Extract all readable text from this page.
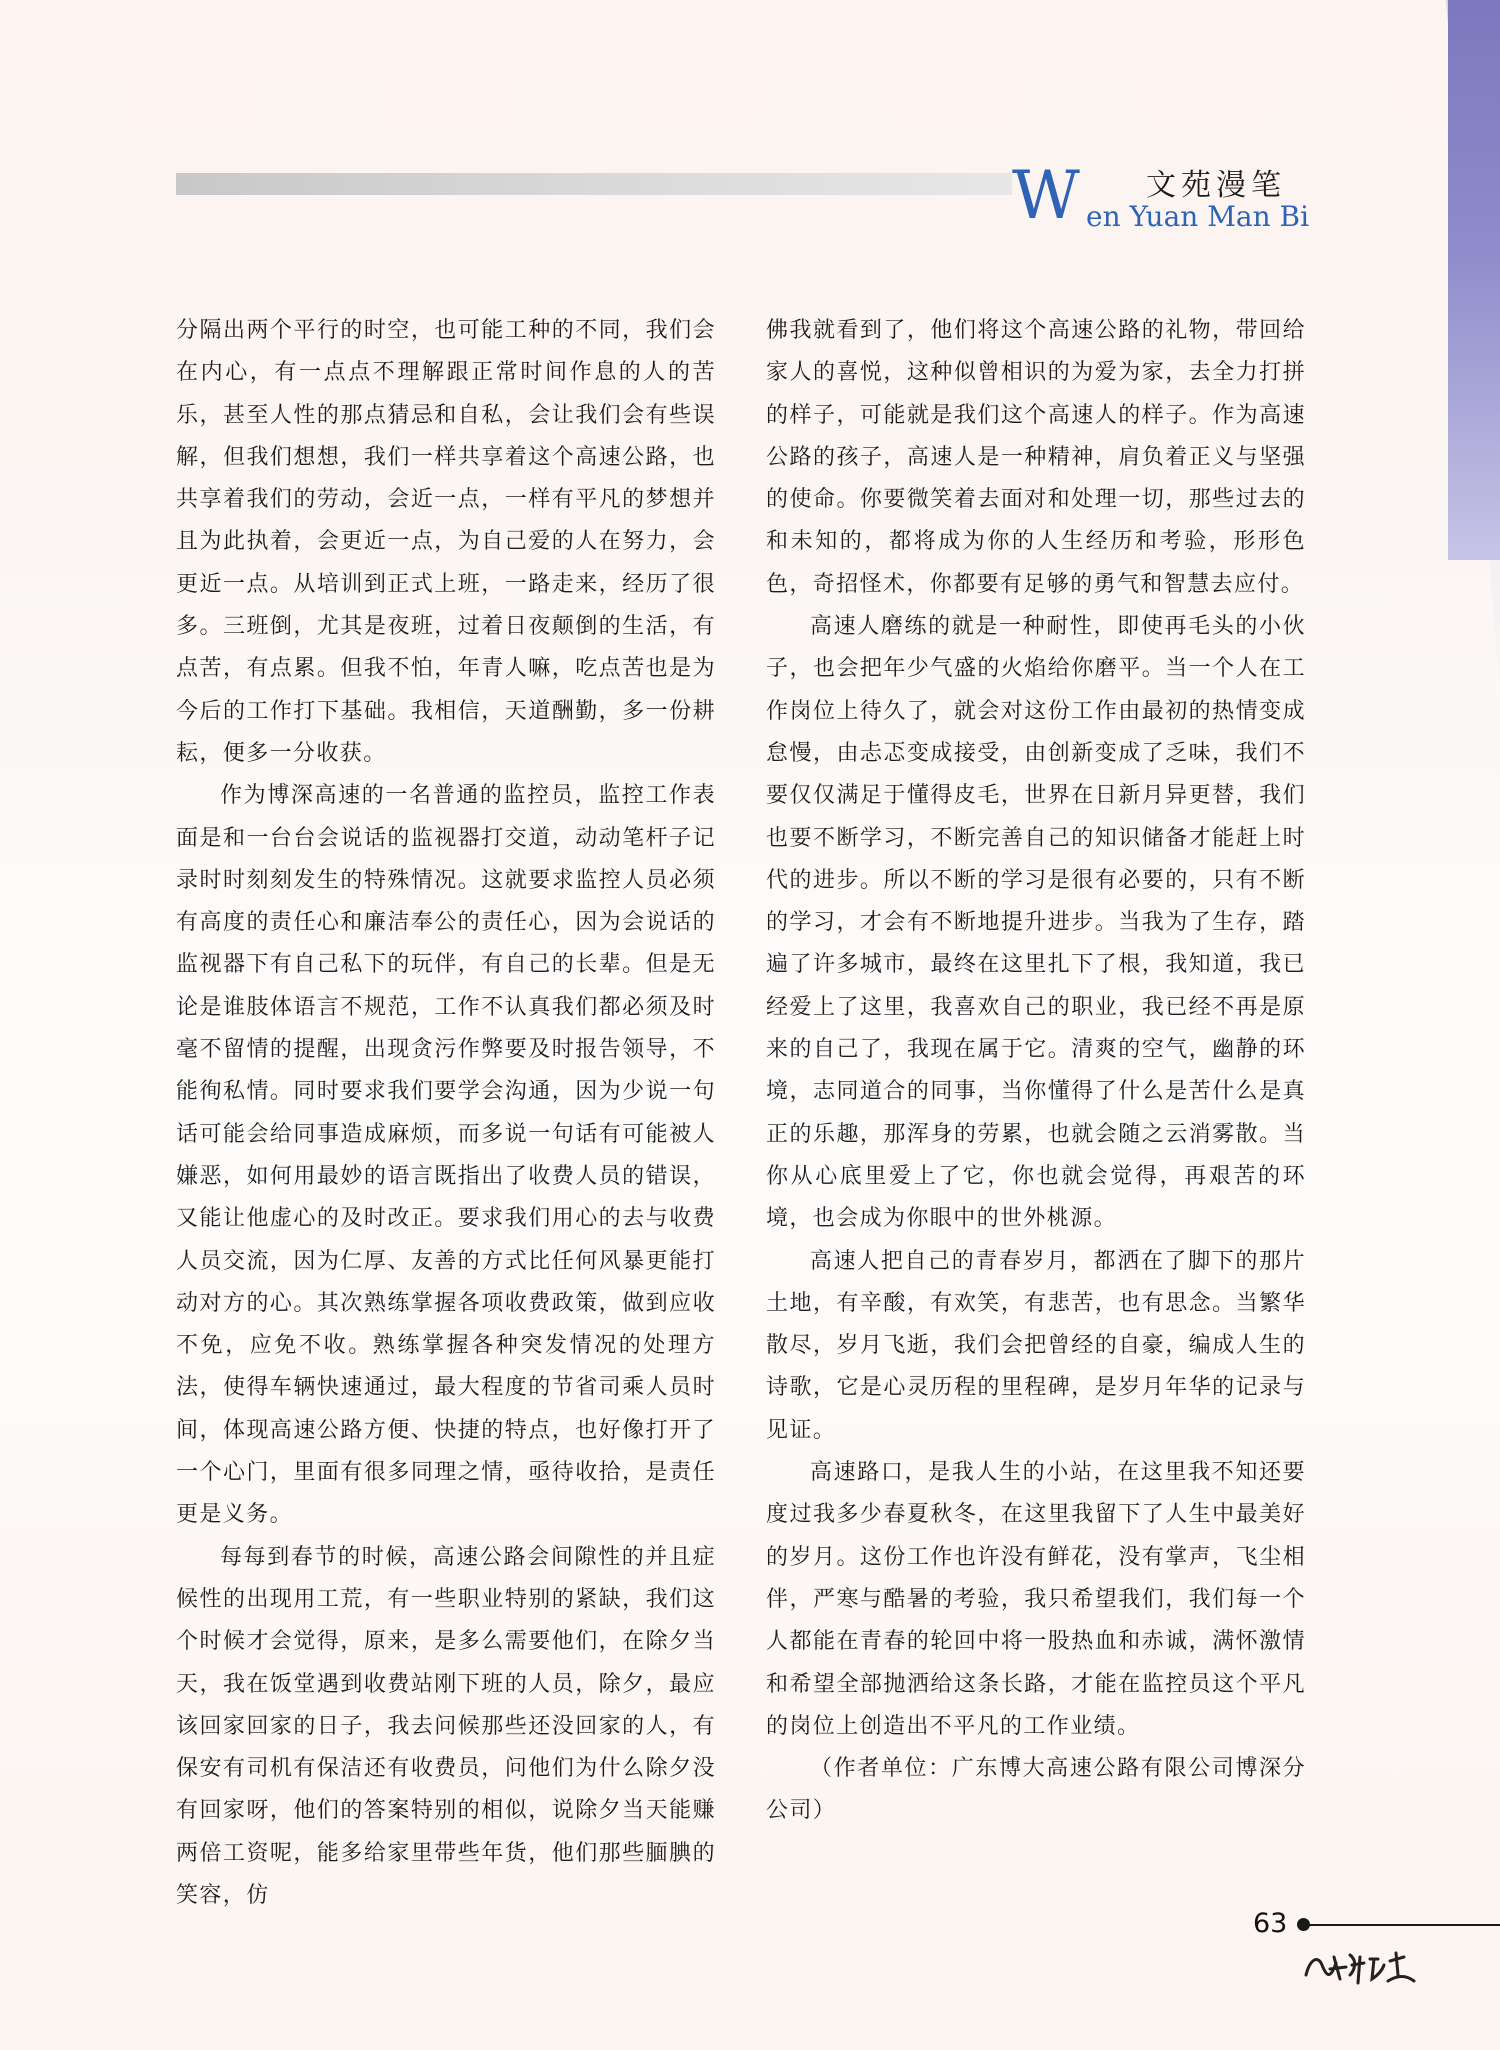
W 文苑漫笔
en Yuan Man Bi

分隔出两个平行的时空，也可能工种的不同，我们会在内心，有一点点不理解跟正常时间作息的人的苦乐，甚至人性的那点猜忌和自私，会让我们会有些误解，但我们想想，我们一样共享着这个高速公路，也共享着我们的劳动，会近一点，一样有平凡的梦想并且为此执着，会更近一点，为自己爱的人在努力，会更近一点。从培训到正式上班，一路走来，经历了很多。三班倒，尤其是夜班，过着日夜颠倒的生活，有点苦，有点累。但我不怕，年青人嘛，吃点苦也是为今后的工作打下基础。我相信，天道酬勤，多一份耕耘，便多一分收获。

作为博深高速的一名普通的监控员，监控工作表面是和一台台会说话的监视器打交道，动动笔杆子记录时时刻刻发生的特殊情况。这就要求监控人员必须有高度的责任心和廉洁奉公的责任心，因为会说话的监视器下有自己私下的玩伴，有自己的长辈。但是无论是谁肢体语言不规范，工作不认真我们都必须及时毫不留情的提醒，出现贪污作弊要及时报告领导，不能徇私情。同时要求我们要学会沟通，因为少说一句话可能会给同事造成麻烦，而多说一句话有可能被人嫌恶，如何用最妙的语言既指出了收费人员的错误，又能让他虚心的及时改正。要求我们用心的去与收费人员交流，因为仁厚、友善的方式比任何风暴更能打动对方的心。其次熟练掌握各项收费政策，做到应收不免，应免不收。熟练掌握各种突发情况的处理方法，使得车辆快速通过，最大程度的节省司乘人员时间，体现高速公路方便、快捷的特点，也好像打开了一个心门，里面有很多同理之情，亟待收拾，是责任更是义务。

每每到春节的时候，高速公路会间隙性的并且症候性的出现用工荒，有一些职业特别的紧缺，我们这个时候才会觉得，原来，是多么需要他们，在除夕当天，我在饭堂遇到收费站刚下班的人员，除夕，最应该回家回家的日子，我去问候那些还没回家的人，有保安有司机有保洁还有收费员，问他们为什么除夕没有回家呀，他们的答案特别的相似，说除夕当天能赚两倍工资呢，能多给家里带些年货，他们那些腼腆的笑容，仿

佛我就看到了，他们将这个高速公路的礼物，带回给家人的喜悦，这种似曾相识的为爱为家，去全力打拼的样子，可能就是我们这个高速人的样子。作为高速公路的孩子，高速人是一种精神，肩负着正义与坚强的使命。你要微笑着去面对和处理一切，那些过去的和未知的，都将成为你的人生经历和考验，形形色色，奇招怪术，你都要有足够的勇气和智慧去应付。

高速人磨练的就是一种耐性，即使再毛头的小伙子，也会把年少气盛的火焰给你磨平。当一个人在工作岗位上待久了，就会对这份工作由最初的热情变成怠慢，由忐忑变成接受，由创新变成了乏味，我们不要仅仅满足于懂得皮毛，世界在日新月异更替，我们也要不断学习，不断完善自己的知识储备才能赶上时代的进步。所以不断的学习是很有必要的，只有不断的学习，才会有不断地提升进步。当我为了生存，踏遍了许多城市，最终在这里扎下了根，我知道，我已经爱上了这里，我喜欢自己的职业，我已经不再是原来的自己了，我现在属于它。清爽的空气，幽静的环境，志同道合的同事，当你懂得了什么是苦什么是真正的乐趣，那浑身的劳累，也就会随之云消雾散。当你从心底里爱上了它，你也就会觉得，再艰苦的环境，也会成为你眼中的世外桃源。

高速人把自己的青春岁月，都洒在了脚下的那片土地，有辛酸，有欢笑，有悲苦，也有思念。当繁华散尽，岁月飞逝，我们会把曾经的自豪，编成人生的诗歌，它是心灵历程的里程碑，是岁月年华的记录与见证。

高速路口，是我人生的小站，在这里我不知还要度过我多少春夏秋冬，在这里我留下了人生中最美好的岁月。这份工作也许没有鲜花，没有掌声，飞尘相伴，严寒与酷暑的考验，我只希望我们，我们每一个人都能在青春的轮回中将一股热血和赤诚，满怀激情和希望全部抛洒给这条长路，才能在监控员这个平凡的岗位上创造出不平凡的工作业绩。

（作者单位：广东博大高速公路有限公司博深分公司）

63
